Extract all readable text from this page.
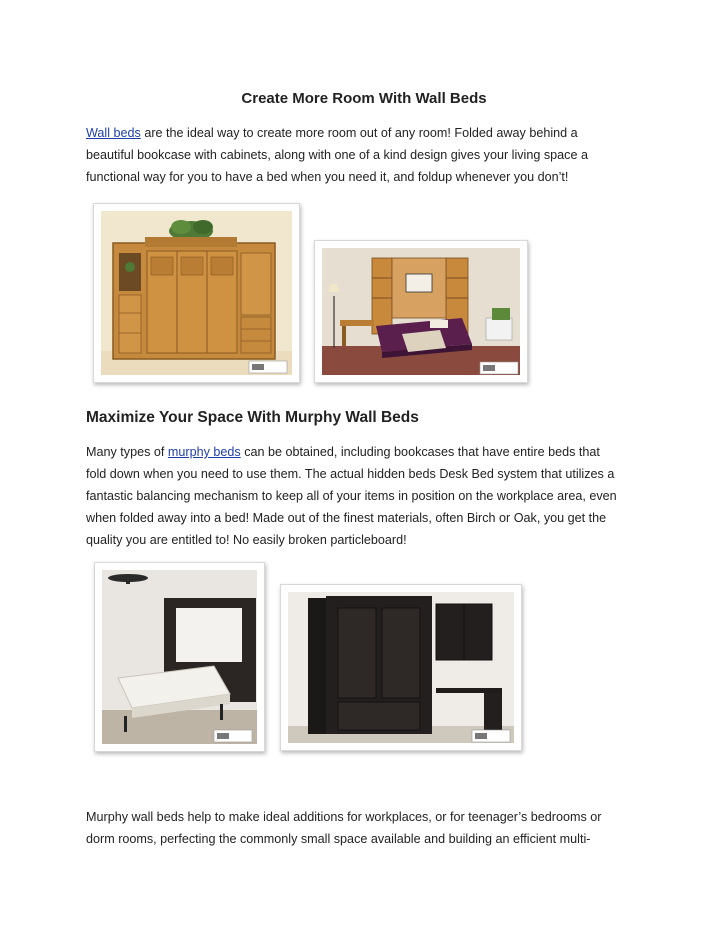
Create More Room With Wall Beds
Wall beds are the ideal way to create more room out of any room! Folded away behind a
beautiful bookcase with cabinets, along with one of a kind design gives your living space a
functional way for you to have a bed when you need it, and foldup whenever you don’t!
Maximize Your Space With Murphy Wall Beds
Many types of murphy beds can be obtained, including bookcases that have entire beds that
fold down when you need to use them. The actual hidden beds Desk Bed system that utilizes a
fantastic balancing mechanism to keep all of your items in position on the workplace area, even
when folded away into a bed! Made out of the finest materials, often Birch or Oak, you get the
quality you are entitled to! No easily broken particleboard!
Murphy wall beds help to make ideal additions for workplaces, or for teenager’s bedrooms or
dorm rooms, perfecting the commonly small space available and building an efficient multi-
